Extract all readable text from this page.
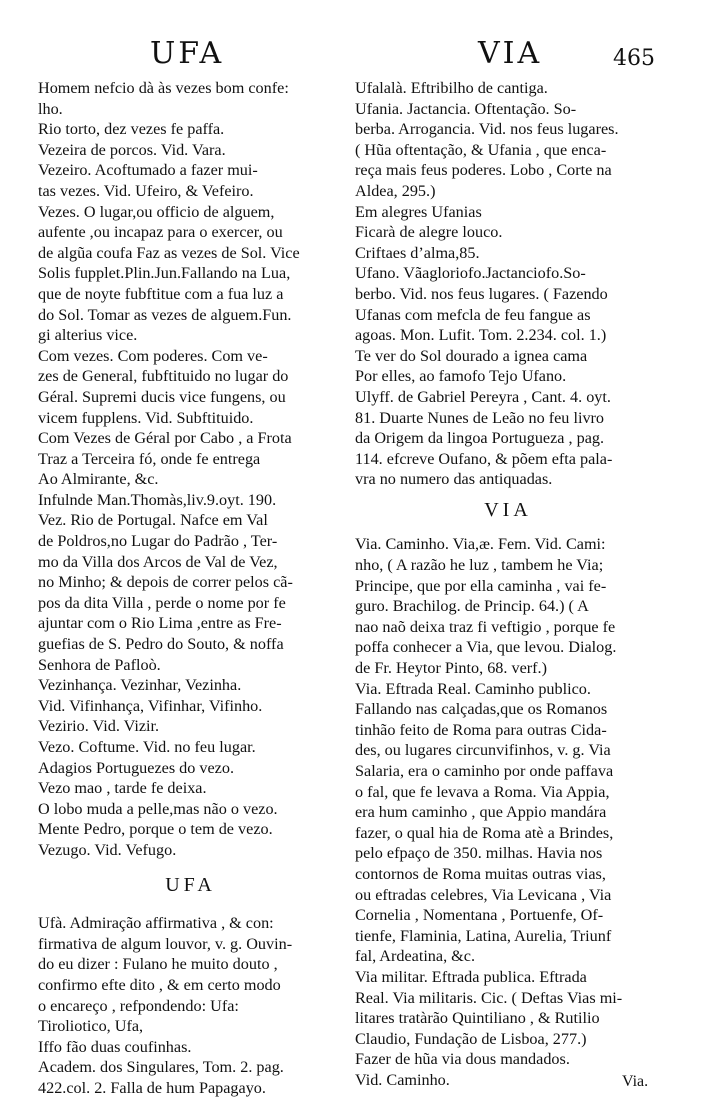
UFA	VIA	465

Homem nefcio dà às vezes bom confe:

lho.

Rio torto, dez vezes fe paffa.

Vezeira de porcos. Vid. Vara.

Vezeiro. Acoftumado a fazer mui-

tas vezes. Vid. Ufeiro, & Vefeiro.

Vezes. O lugar,ou officio de alguem,

aufente ,ou incapaz para o exercer, ou

de algũa coufa Faz as vezes de Sol. Vice

Solis fupplet.Plin.Jun.Fallando na Lua,

que de noyte fubftitue com a fua luz a

do Sol. Tomar as vezes de alguem.Fun.

gi alterius vice.

Com vezes. Com poderes. Com ve-

zes de General, fubftituido no lugar do

Géral. Supremi ducis vice fungens, ou

vicem fupplens. Vid. Subftituido.

Com Vezes de Géral por Cabo , a Frota

Traz a Terceira fó, onde fe entrega

Ao Almirante, &c.

Infulnde Man.Thomàs,liv.9.oyt. 190.

Vez. Rio de Portugal. Nafce em Val

de Poldros,no Lugar do Padrão , Ter-

mo da Villa dos Arcos de Val de Vez,

no Minho; & depois de correr pelos cã-

pos da dita Villa , perde o nome por fe

ajuntar com o Rio Lima ,entre as Fre-

guefias de S. Pedro do Souto, & noffa

Senhora de Pafloò.

Vezinhança. Vezinhar, Vezinha.

Vid. Vifinhança, Vifinhar, Vifinho.

Vezirio. Vid. Vizir.

Vezo. Coftume. Vid. no feu lugar.

Adagios Portuguezes do vezo.

Vezo mao , tarde fe deixa.

O lobo muda a pelle,mas não o vezo.

Mente Pedro, porque o tem de vezo.

Vezugo. Vid. Vefugo.

UFA

Ufà. Admiração affirmativa , & con:

firmativa de algum louvor, v. g. Ouvin-

do eu dizer : Fulano he muito douto ,

confirmo efte dito , & em certo modo

o encareço , refpondendo: Ufa:

Tiroliotico, Ufa,

Iffo fão duas coufinhas.

Academ. dos Singulares, Tom. 2. pag.

422.col. 2. Falla de hum Papagayo.

Ufalalà. Eftribilho de cantiga.

Ufania. Jactancia. Oftentação. So-

berba. Arrogancia. Vid. nos feus lugares.

( Hũa oftentação, & Ufania , que enca-

reça mais feus poderes. Lobo , Corte na

Aldea, 295.)

Em alegres Ufanias

Ficarà de alegre louco.

Criftaes d’alma,85.

Ufano. Vãagloriofo.Jactanciofo.So-

berbo. Vid. nos feus lugares. ( Fazendo

Ufanas com mefcla de feu fangue as

agoas. Mon. Lufit. Tom. 2.234. col. 1.)

Te ver do Sol dourado a ignea cama

Por elles, ao famofo Tejo Ufano.

Ulyff. de Gabriel Pereyra , Cant. 4. oyt.

81. Duarte Nunes de Leão no feu livro

da Origem da lingoa Portugueza , pag.

114. efcreve Oufano, & põem efta pala-

vra no numero das antiquadas.

VIA

Via. Caminho. Via,æ. Fem. Vid. Cami:

nho, ( A razão he luz , tambem he Via;

Principe, que por ella caminha , vai fe-

guro. Brachilog. de Princip. 64.) ( A

nao naõ deixa traz fi veftigio , porque fe

poffa conhecer a Via, que levou. Dialog.

de Fr. Heytor Pinto, 68. verf.)

Via. Eftrada Real. Caminho publico.

Fallando nas calçadas,que os Romanos

tinhão feito de Roma para outras Cida-

des, ou lugares circunvifinhos, v. g. Via

Salaria, era o caminho por onde paffava

o fal, que fe levava a Roma. Via Appia,

era hum caminho , que Appio mandára

fazer, o qual hia de Roma atè a Brindes,

pelo efpaço de 350. milhas. Havia nos

contornos de Roma muitas outras vias,

ou eftradas celebres, Via Levicana , Via

Cornelia , Nomentana , Portuenfe, Of-

tienfe, Flaminia, Latina, Aurelia, Triunf

fal, Ardeatina, &c.

Via militar. Eftrada publica. Eftrada

Real. Via militaris. Cic. ( Deftas Vias mi-

litares tratàrão Quintiliano , & Rutilio

Claudio, Fundação de Lisboa, 277.)

Fazer de hũa via dous mandados.

Vid. Caminho.	Via.
